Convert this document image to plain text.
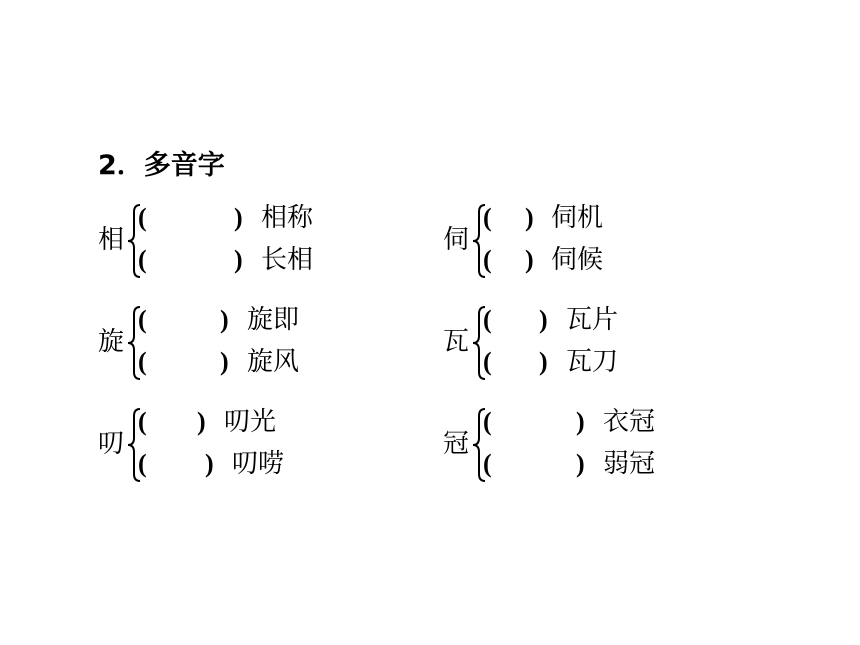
2．多音字
相
(	) 相称
(	) 长相
伺
( ) 伺机
( ) 伺候
旋
(	) 旋即
(	) 旋风
瓦
( ) 瓦片
( ) 瓦刀
叨
( ) 叨光
( ) 叨唠
冠
(	) 衣冠
(	) 弱冠
